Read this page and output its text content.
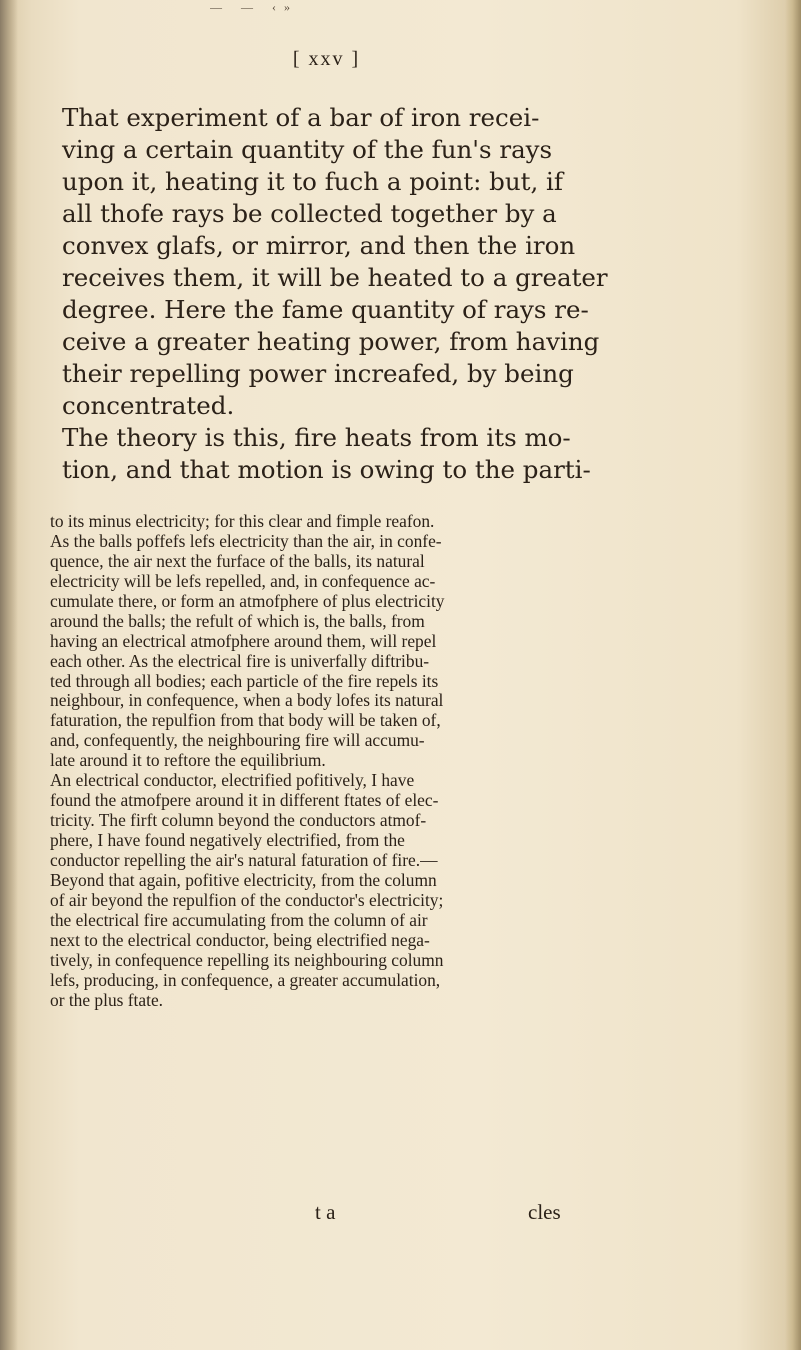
— — ‹»
[ xxv ]
That experiment of a bar of iron recei-
ving a certain quantity of the fun's rays
upon it, heating it to fuch a point: but, if
all thofe rays be collected together by a
convex glafs, or mirror, and then the iron
receives them, it will be heated to a greater
degree. Here the fame quantity of rays re-
ceive a greater heating power, from having
their repelling power increafed, by being
concentrated.
The theory is this, fire heats from its mo-
tion, and that motion is owing to the parti-
to its minus electricity; for this clear and fimple reafon.
As the balls poffefs lefs electricity than the air, in confe-
quence, the air next the furface of the balls, its natural
electricity will be lefs repelled, and, in confequence ac-
cumulate there, or form an atmofphere of plus electricity
around the balls; the refult of which is, the balls, from
having an electrical atmofphere around them, will repel
each other. As the electrical fire is univerfally diftribu-
ted through all bodies; each particle of the fire repels its
neighbour, in confequence, when a body lofes its natural
faturation, the repulfion from that body will be taken of,
and, confequently, the neighbouring fire will accumu-
late around it to reftore the equilibrium.
An electrical conductor, electrified pofitively, I have
found the atmofpere around it in different ftates of elec-
tricity. The firft column beyond the conductors atmof-
phere, I have found negatively electrified, from the
conductor repelling the air's natural faturation of fire.—
Beyond that again, pofitive electricity, from the column
of air beyond the repulfion of the conductor's electricity;
the electrical fire accumulating from the column of air
next to the electrical conductor, being electrified nega-
tively, in confequence repelling its neighbouring column
lefs, producing, in confequence, a greater accumulation,
or the plus ftate.
t a	cles
